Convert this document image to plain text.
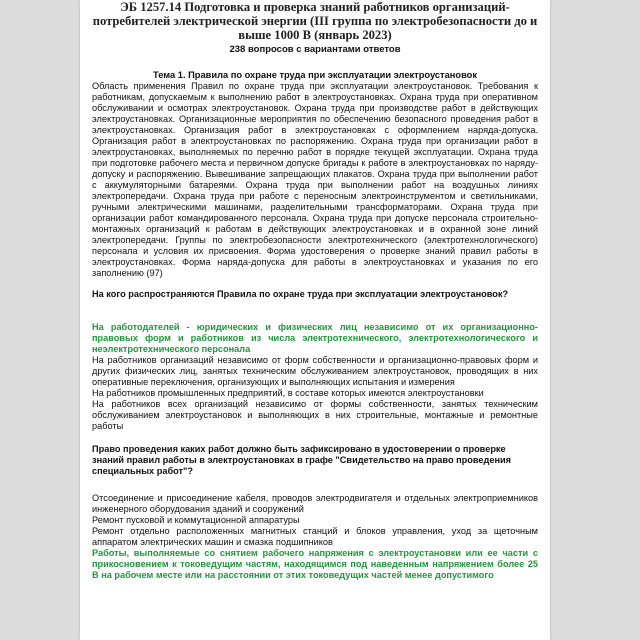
ЭБ 1257.14 Подготовка и проверка знаний работников организаций-потребителей электрической энергии (III группа по электробезопасности до и выше 1000 В (январь 2023)

238 вопросов с вариантами ответов

Тема 1. Правила по охране труда при эксплуатации электроустановок

Область применения Правил по охране труда при эксплуатации электроустановок. Требования к работникам, допускаемым к выполнению работ в электроустановках. Охрана труда при оперативном обслуживании и осмотрах электроустановок. Охрана труда при производстве работ в действующих электроустановках. Организационные мероприятия по обеспечению безопасного проведения работ в электроустановках. Организация работ в электроустановках с оформлением наряда-допуска. Организация работ в электроустановках по распоряжению. Охрана труда при организации работ в электроустановках, выполняемых по перечню работ в порядке текущей эксплуатации. Охрана труда при подготовке рабочего места и первичном допуске бригады к работе в электроустановках по наряду-допуску и распоряжению. Вывешивание запрещающих плакатов. Охрана труда при выполнении работ с аккумуляторными батареями. Охрана труда при выполнении работ на воздушных линиях электропередачи. Охрана труда при работе с переносным электроинструментом и светильниками, ручными электрическими машинами, разделительными трансформаторами. Охрана труда при организации работ командированного персонала. Охрана труда при допуске персонала строительно-монтажных организаций к работам в действующих электроустановках и в охранной зоне линий электропередачи. Группы по электробезопасности электротехнического (электротехнологического) персонала и условия их присвоения. Форма удостоверения о проверке знаний правил работы в электроустановках. Форма наряда-допуска для работы в электроустановках и указания по его заполнению (97)

На кого распространяются Правила по охране труда при эксплуатации электроустановок?

На работодателей - юридических и физических лиц независимо от их организационно-правовых форм и работников из числа электротехнического, электротехнологического и неэлектротехнического персонала

На работников организаций независимо от форм собственности и организационно-правовых форм и других физических лиц, занятых техническим обслуживанием электроустановок, проводящих в них оперативные переключения, организующих и выполняющих испытания и измерения

На работников промышленных предприятий, в составе которых имеются электроустановки

На работников всех организаций независимо от формы собственности, занятых техническим обслуживанием электроустановок и выполняющих в них строительные, монтажные и ремонтные работы

Право проведения каких работ должно быть зафиксировано в удостоверении о проверке знаний правил работы в электроустановках в графе "Свидетельство на право проведения специальных работ"?

Отсоединение и присоединение кабеля, проводов электродвигателя и отдельных электроприемников инженерного оборудования зданий и сооружений

Ремонт пусковой и коммутационной аппаратуры

Ремонт отдельно расположенных магнитных станций и блоков управления, уход за щеточным аппаратом электрических машин и смазка подшипников

Работы, выполняемые со снятием рабочего напряжения с электроустановки или ее части с прикосновением к токоведущим частям, находящимся под наведенным напряжением более 25 В на рабочем месте или на расстоянии от этих токоведущих частей менее допустимого
